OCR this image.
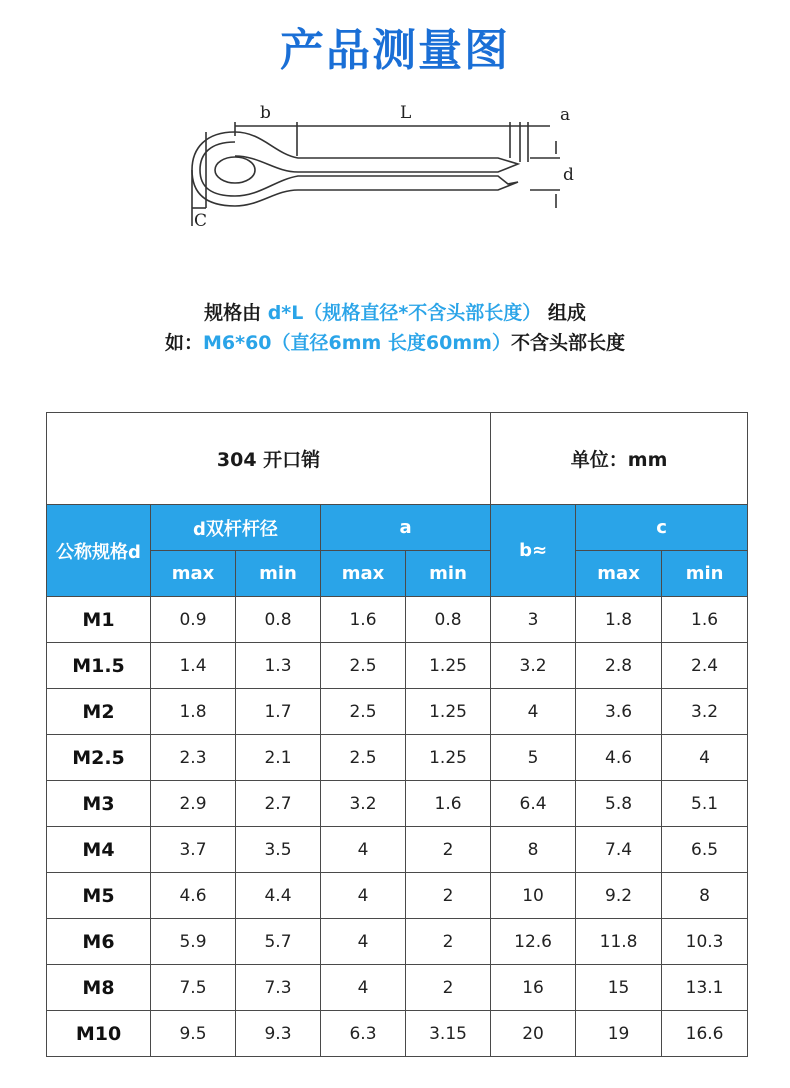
产品测量图
b	L	a
d
C
规格由 d*L（规格直径*不含头部长度） 组成
如：M6*60（直径6mm 长度60mm）不含头部长度
304 开口销					单位：mm		
公称规格d	d双杆杆径		a		b≈	c	
	max	min	max	min		max	min
M1	0.9	0.8	1.6	0.8	3	1.8	1.6
M1.5	1.4	1.3	2.5	1.25	3.2	2.8	2.4
M2	1.8	1.7	2.5	1.25	4	3.6	3.2
M2.5	2.3	2.1	2.5	1.25	5	4.6	4
M3	2.9	2.7	3.2	1.6	6.4	5.8	5.1
M4	3.7	3.5	4	2	8	7.4	6.5
M5	4.6	4.4	4	2	10	9.2	8
M6	5.9	5.7	4	2	12.6	11.8	10.3
M8	7.5	7.3	4	2	16	15	13.1
M10	9.5	9.3	6.3	3.15	20	19	16.6
